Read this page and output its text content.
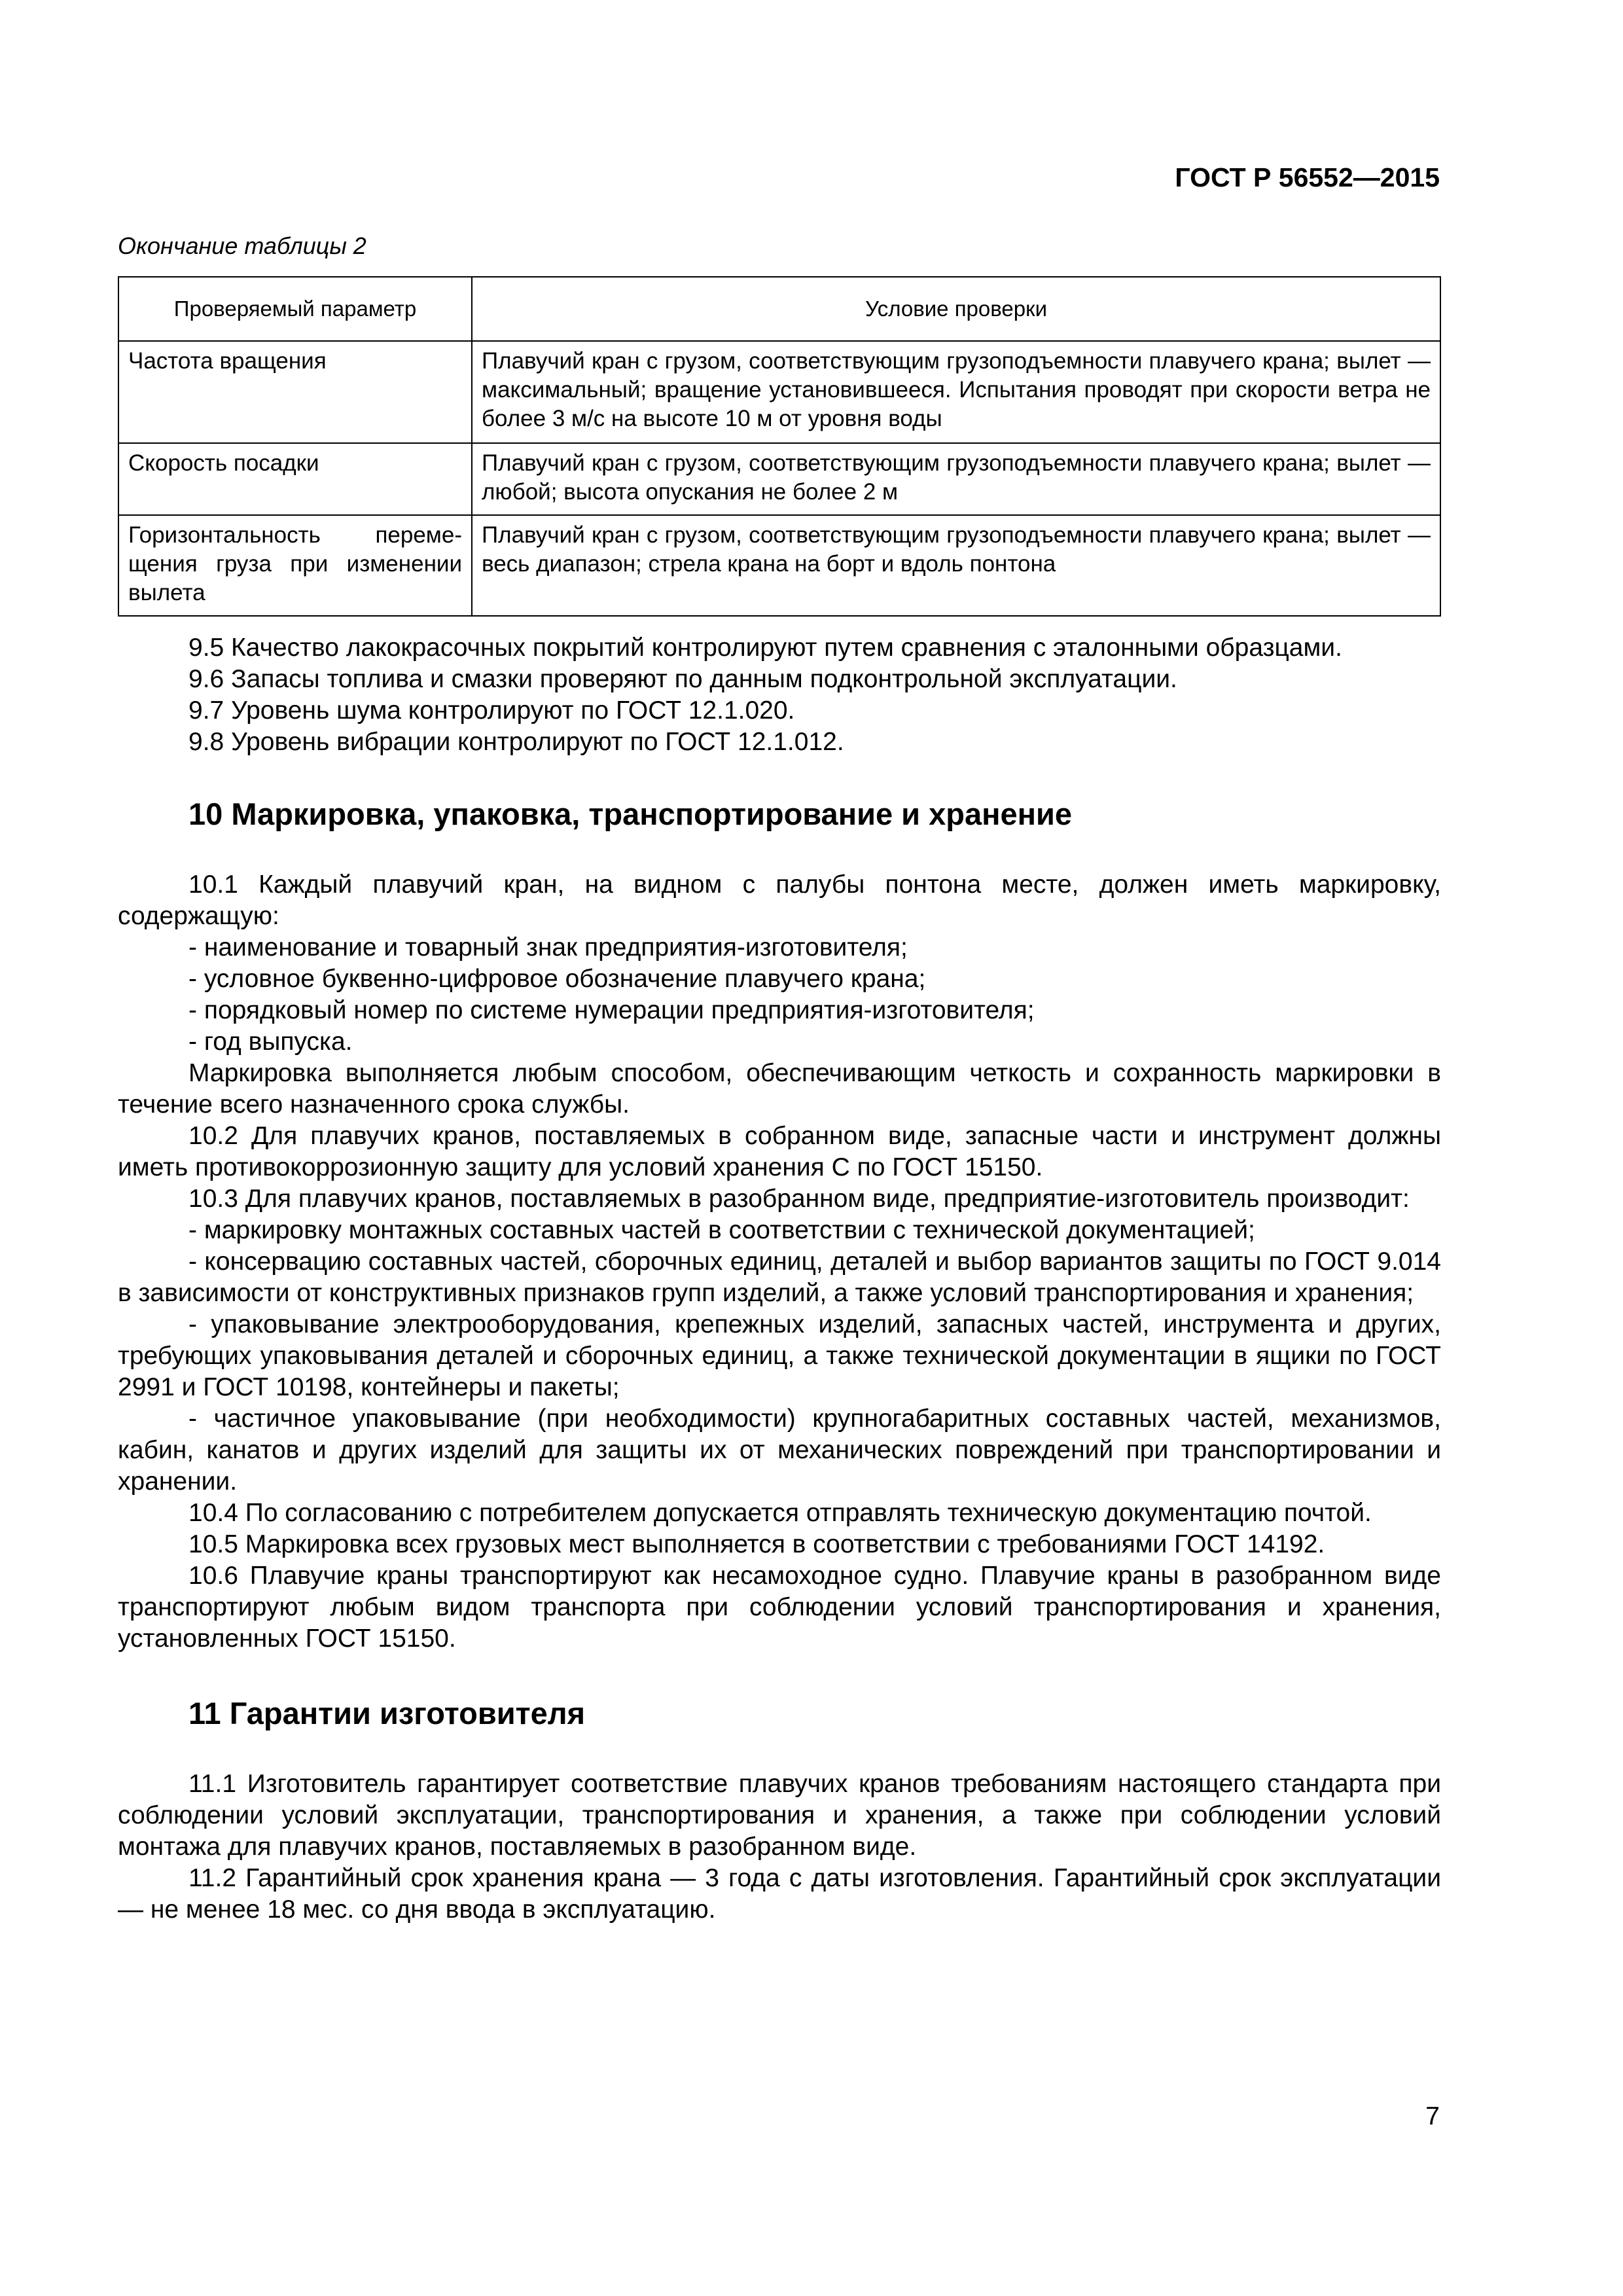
ГОСТ Р 56552—2015
Окончание таблицы 2
Проверяемый параметр	Условие проверки
Частота вращения	Плавучий кран с грузом, соответствующим грузоподъемности плавучего крана; вылет — максимальный; вращение установившееся. Испытания проводят при скорости ветра не более 3 м/с на высоте 10 м от уровня воды
Скорость посадки	Плавучий кран с грузом, соответствующим грузоподъемности плавучего крана; вылет — любой; высота опускания не более 2 м
Горизонтальность переме-щения груза при изменении вылета	Плавучий кран с грузом, соответствующим грузоподъемности плавучего крана; вылет — весь диапазон; стрела крана на борт и вдоль понтона

9.5 Качество лакокрасочных покрытий контролируют путем сравнения с эталонными образцами.

9.6 Запасы топлива и смазки проверяют по данным подконтрольной эксплуатации.

9.7 Уровень шума контролируют по ГОСТ 12.1.020.

9.8 Уровень вибрации контролируют по ГОСТ 12.1.012.

10 Маркировка, упаковка, транспортирование и хранение

10.1 Каждый плавучий кран, на видном с палубы понтона месте, должен иметь маркировку, содержащую:

- наименование и товарный знак предприятия-изготовителя;

- условное буквенно-цифровое обозначение плавучего крана;

- порядковый номер по системе нумерации предприятия-изготовителя;

- год выпуска.

Маркировка выполняется любым способом, обеспечивающим четкость и сохранность маркировки в течение всего назначенного срока службы.

10.2 Для плавучих кранов, поставляемых в собранном виде, запасные части и инструмент должны иметь противокоррозионную защиту для условий хранения С по ГОСТ 15150.

10.3 Для плавучих кранов, поставляемых в разобранном виде, предприятие-изготовитель производит:

- маркировку монтажных составных частей в соответствии с технической документацией;

- консервацию составных частей, сборочных единиц, деталей и выбор вариантов защиты по ГОСТ 9.014 в зависимости от конструктивных признаков групп изделий, а также условий транспортирования и хранения;

- упаковывание электрооборудования, крепежных изделий, запасных частей, инструмента и других, требующих упаковывания деталей и сборочных единиц, а также технической документации в ящики по ГОСТ 2991 и ГОСТ 10198, контейнеры и пакеты;

- частичное упаковывание (при необходимости) крупногабаритных составных частей, механизмов, кабин, канатов и других изделий для защиты их от механических повреждений при транспортировании и хранении.

10.4 По согласованию с потребителем допускается отправлять техническую документацию почтой.

10.5 Маркировка всех грузовых мест выполняется в соответствии с требованиями ГОСТ 14192.

10.6 Плавучие краны транспортируют как несамоходное судно. Плавучие краны в разобранном виде транспортируют любым видом транспорта при соблюдении условий транспортирования и хранения, установленных ГОСТ 15150.

11 Гарантии изготовителя

11.1 Изготовитель гарантирует соответствие плавучих кранов требованиям настоящего стандарта при соблюдении условий эксплуатации, транспортирования и хранения, а также при соблюдении условий монтажа для плавучих кранов, поставляемых в разобранном виде.

11.2 Гарантийный срок хранения крана — 3 года с даты изготовления. Гарантийный срок эксплуатации — не менее 18 мес. со дня ввода в эксплуатацию.

7
